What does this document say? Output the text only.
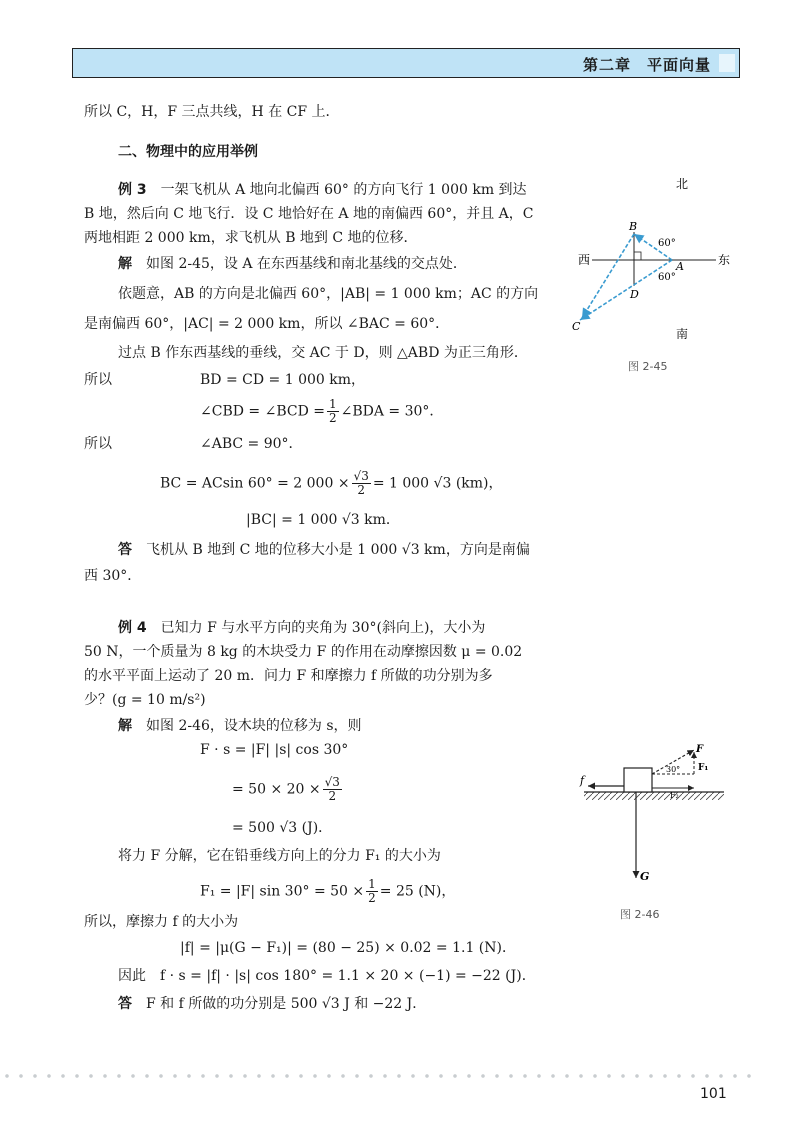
第二章　平面向量
所以 C，H，F 三点共线，H 在 CF 上．
二、物理中的应用举例
例 3　 一架飞机从 A 地向北偏西 60° 的方向飞行 1 000 km 到达
B 地，然后向 C 地飞行．设 C 地恰好在 A 地的南偏西 60°，并且 A，C
两地相距 2 000 km，求飞机从 B 地到 C 地的位移．
解　 如图 2-45，设 A 在东西基线和南北基线的交点处．
依题意，AB 的方向是北偏西 60°，|AB| = 1 000 km；AC 的方向
是南偏西 60°，|AC| = 2 000 km，所以 ∠BAC = 60°．
过点 B 作东西基线的垂线，交 AC 于 D，则 △ABD 为正三角形．
所以	BD = CD = 1 000 km，
∠CBD = ∠BCD = $\frac{1}{2}$ ∠BDA = 30°．
所以	∠ABC = 90°．
BC = ACsin 60° = 2 $000 \times \frac{√3}{2} = 1$ 000 √3 (km)，
|BC| = 1 000 √3 km．
答　 飞机从 B 地到 C 地的位移大小是 1 000 √3 km，方向是南偏
西 30°．
例 4　 已知力 F 与水平方向的夹角为 30°(斜向上)，大小为
50 N，一个质量为 8 kg 的木块受力 F 的作用在动摩擦因数 μ = 0.02
的水平平面上运动了 20 m．问力 F 和摩擦力 f 所做的功分别为多
少？(g = 10 m/s²)
解　 如图 2-46，设木块的位移为 s，则
F · s = |F| |s| cos 30°
= $50 \times 20 \times \frac{√3}{2}$
= 500 √3 (J)．
将力 F 分解，它在铅垂线方向上的分力 F₁ 的大小为
F₁ = |F| $\sin 30^\circ = 50 \times \frac{1}{2} = 25$ (N)，
所以，摩擦力 f 的大小为
|f| = |μ(G − F₁)| = (80 − 25) × 0.02 = 1.1 (N)．
因此　f · s = |f| · |s| cos 180° = 1.1 × 20 × (−1) = −22 (J)．
答　 F 和 f 所做的功分别是 500 √3 J 和 −22 J．
北
西	东
南
B
A
C
D
60°
60°
图 2-45
F
F₁
F₂
f
G
30°
图 2-46
101
